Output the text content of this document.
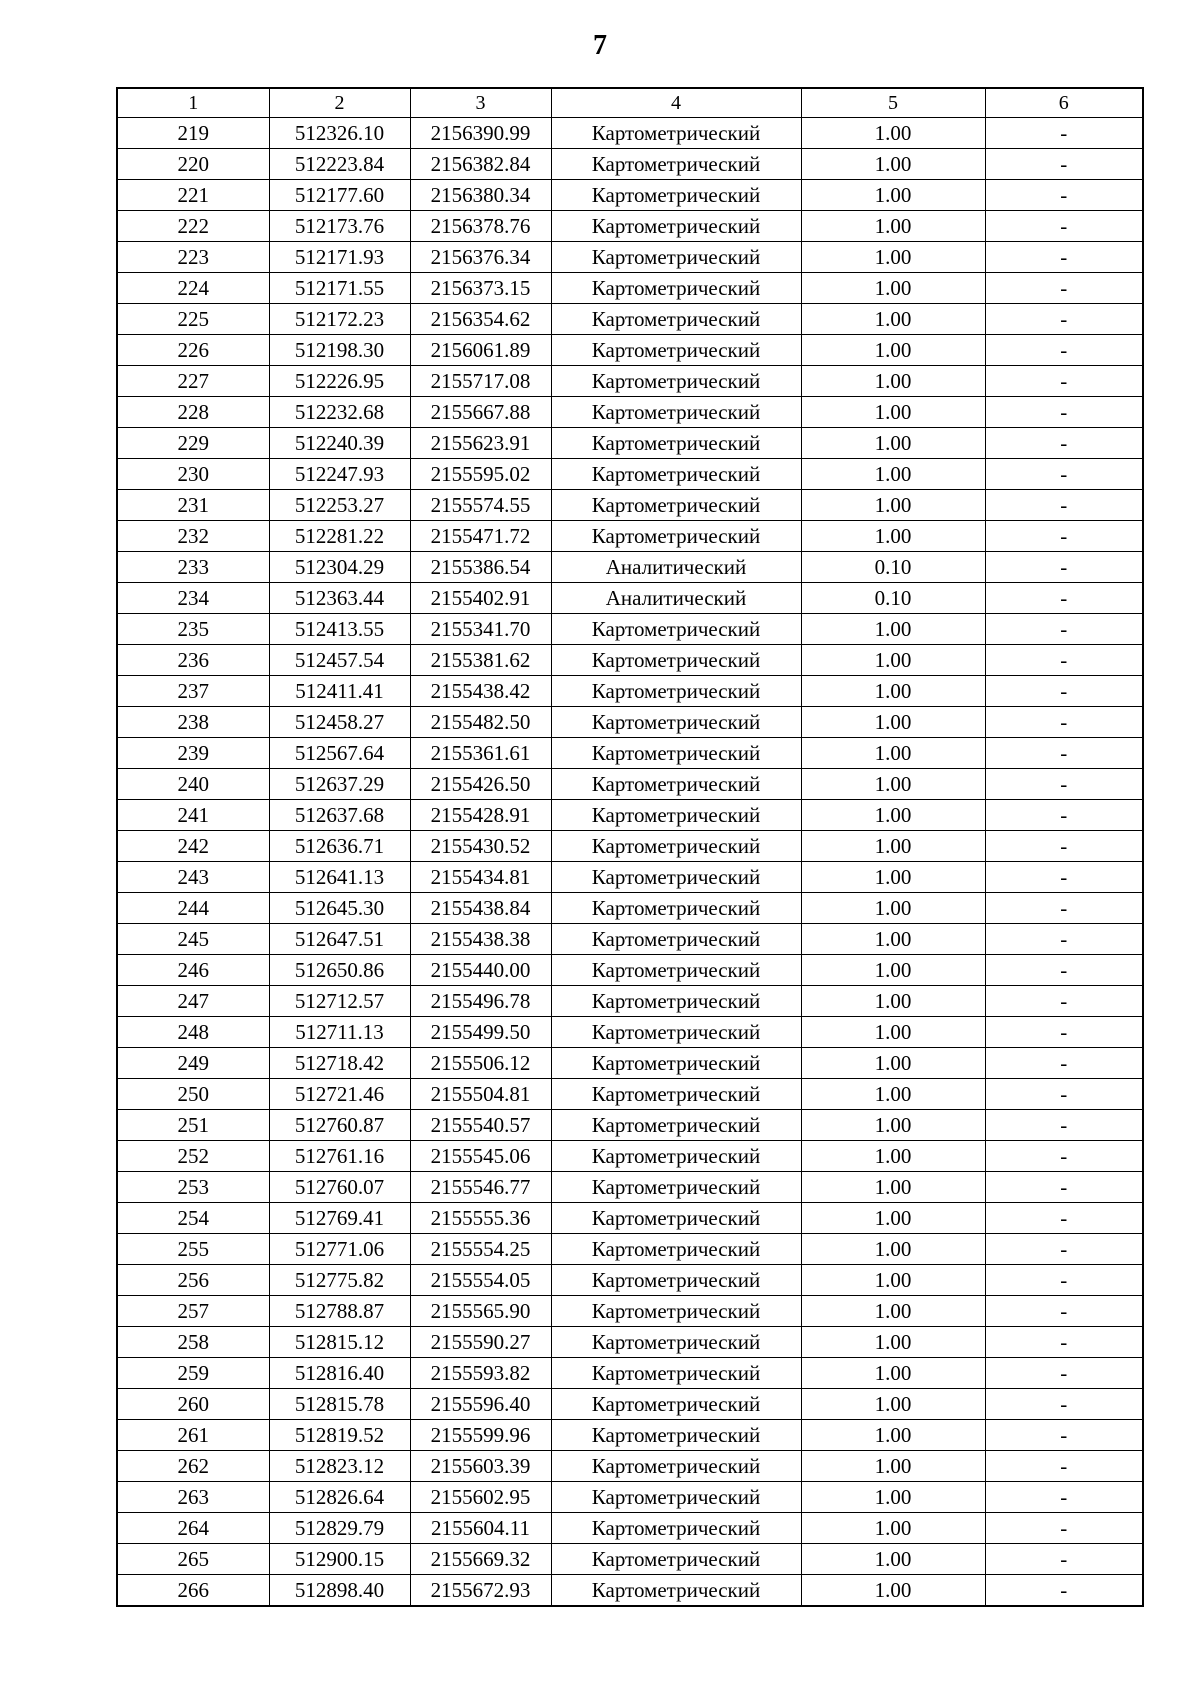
7
1	2	3	4	5	6
219	512326.10	2156390.99	Картометрический	1.00	-
220	512223.84	2156382.84	Картометрический	1.00	-
221	512177.60	2156380.34	Картометрический	1.00	-
222	512173.76	2156378.76	Картометрический	1.00	-
223	512171.93	2156376.34	Картометрический	1.00	-
224	512171.55	2156373.15	Картометрический	1.00	-
225	512172.23	2156354.62	Картометрический	1.00	-
226	512198.30	2156061.89	Картометрический	1.00	-
227	512226.95	2155717.08	Картометрический	1.00	-
228	512232.68	2155667.88	Картометрический	1.00	-
229	512240.39	2155623.91	Картометрический	1.00	-
230	512247.93	2155595.02	Картометрический	1.00	-
231	512253.27	2155574.55	Картометрический	1.00	-
232	512281.22	2155471.72	Картометрический	1.00	-
233	512304.29	2155386.54	Аналитический	0.10	-
234	512363.44	2155402.91	Аналитический	0.10	-
235	512413.55	2155341.70	Картометрический	1.00	-
236	512457.54	2155381.62	Картометрический	1.00	-
237	512411.41	2155438.42	Картометрический	1.00	-
238	512458.27	2155482.50	Картометрический	1.00	-
239	512567.64	2155361.61	Картометрический	1.00	-
240	512637.29	2155426.50	Картометрический	1.00	-
241	512637.68	2155428.91	Картометрический	1.00	-
242	512636.71	2155430.52	Картометрический	1.00	-
243	512641.13	2155434.81	Картометрический	1.00	-
244	512645.30	2155438.84	Картометрический	1.00	-
245	512647.51	2155438.38	Картометрический	1.00	-
246	512650.86	2155440.00	Картометрический	1.00	-
247	512712.57	2155496.78	Картометрический	1.00	-
248	512711.13	2155499.50	Картометрический	1.00	-
249	512718.42	2155506.12	Картометрический	1.00	-
250	512721.46	2155504.81	Картометрический	1.00	-
251	512760.87	2155540.57	Картометрический	1.00	-
252	512761.16	2155545.06	Картометрический	1.00	-
253	512760.07	2155546.77	Картометрический	1.00	-
254	512769.41	2155555.36	Картометрический	1.00	-
255	512771.06	2155554.25	Картометрический	1.00	-
256	512775.82	2155554.05	Картометрический	1.00	-
257	512788.87	2155565.90	Картометрический	1.00	-
258	512815.12	2155590.27	Картометрический	1.00	-
259	512816.40	2155593.82	Картометрический	1.00	-
260	512815.78	2155596.40	Картометрический	1.00	-
261	512819.52	2155599.96	Картометрический	1.00	-
262	512823.12	2155603.39	Картометрический	1.00	-
263	512826.64	2155602.95	Картометрический	1.00	-
264	512829.79	2155604.11	Картометрический	1.00	-
265	512900.15	2155669.32	Картометрический	1.00	-
266	512898.40	2155672.93	Картометрический	1.00	-
